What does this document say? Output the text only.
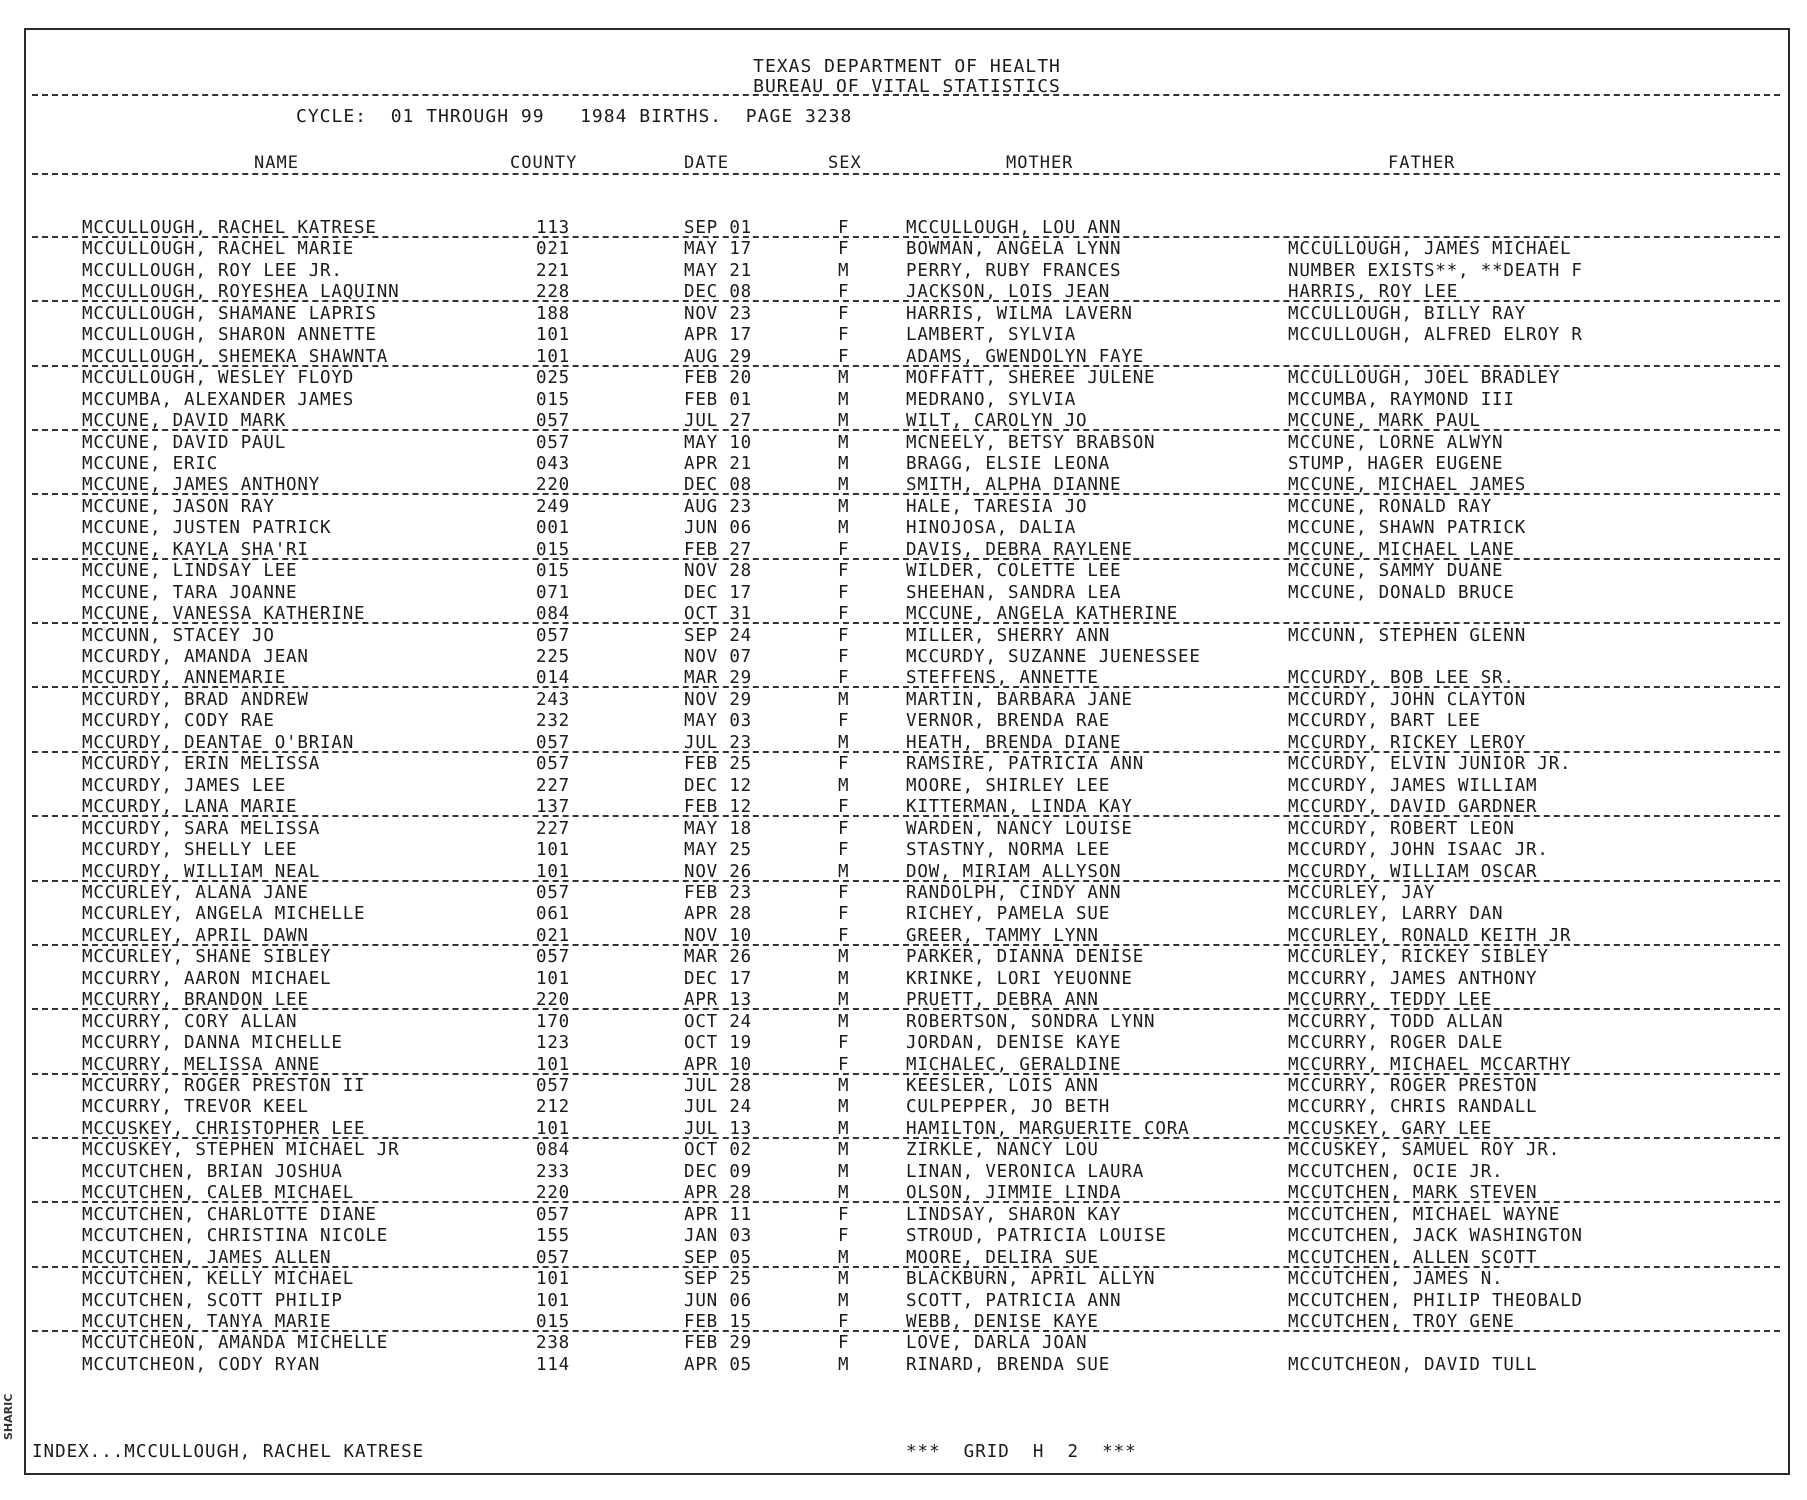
TEXAS DEPARTMENT OF HEALTH
BUREAU OF VITAL STATISTICS
CYCLE:  01 THROUGH 99   1984 BIRTHS.  PAGE 3238
NAME	COUNTY	DATE	SEX	MOTHER	FATHER
MCCULLOUGH, RACHEL KATRESE	113	SEP 01	F	MCCULLOUGH, LOU ANN
MCCULLOUGH, RACHEL MARIE	021	MAY 17	F	BOWMAN, ANGELA LYNN	MCCULLOUGH, JAMES MICHAEL
MCCULLOUGH, ROY LEE JR.	221	MAY 21	M	PERRY, RUBY FRANCES	NUMBER EXISTS**, **DEATH F
MCCULLOUGH, ROYESHEA LAQUINN	228	DEC 08	F	JACKSON, LOIS JEAN	HARRIS, ROY LEE
MCCULLOUGH, SHAMANE LAPRIS	188	NOV 23	F	HARRIS, WILMA LAVERN	MCCULLOUGH, BILLY RAY
MCCULLOUGH, SHARON ANNETTE	101	APR 17	F	LAMBERT, SYLVIA	MCCULLOUGH, ALFRED ELROY R
MCCULLOUGH, SHEMEKA SHAWNTA	101	AUG 29	F	ADAMS, GWENDOLYN FAYE
MCCULLOUGH, WESLEY FLOYD	025	FEB 20	M	MOFFATT, SHEREE JULENE	MCCULLOUGH, JOEL BRADLEY
MCCUMBA, ALEXANDER JAMES	015	FEB 01	M	MEDRANO, SYLVIA	MCCUMBA, RAYMOND III
MCCUNE, DAVID MARK	057	JUL 27	M	WILT, CAROLYN JO	MCCUNE, MARK PAUL
MCCUNE, DAVID PAUL	057	MAY 10	M	MCNEELY, BETSY BRABSON	MCCUNE, LORNE ALWYN
MCCUNE, ERIC	043	APR 21	M	BRAGG, ELSIE LEONA	STUMP, HAGER EUGENE
MCCUNE, JAMES ANTHONY	220	DEC 08	M	SMITH, ALPHA DIANNE	MCCUNE, MICHAEL JAMES
MCCUNE, JASON RAY	249	AUG 23	M	HALE, TARESIA JO	MCCUNE, RONALD RAY
MCCUNE, JUSTEN PATRICK	001	JUN 06	M	HINOJOSA, DALIA	MCCUNE, SHAWN PATRICK
MCCUNE, KAYLA SHA'RI	015	FEB 27	F	DAVIS, DEBRA RAYLENE	MCCUNE, MICHAEL LANE
MCCUNE, LINDSAY LEE	015	NOV 28	F	WILDER, COLETTE LEE	MCCUNE, SAMMY DUANE
MCCUNE, TARA JOANNE	071	DEC 17	F	SHEEHAN, SANDRA LEA	MCCUNE, DONALD BRUCE
MCCUNE, VANESSA KATHERINE	084	OCT 31	F	MCCUNE, ANGELA KATHERINE
MCCUNN, STACEY JO	057	SEP 24	F	MILLER, SHERRY ANN	MCCUNN, STEPHEN GLENN
MCCURDY, AMANDA JEAN	225	NOV 07	F	MCCURDY, SUZANNE JUENESSEE
MCCURDY, ANNEMARIE	014	MAR 29	F	STEFFENS, ANNETTE	MCCURDY, BOB LEE SR.
MCCURDY, BRAD ANDREW	243	NOV 29	M	MARTIN, BARBARA JANE	MCCURDY, JOHN CLAYTON
MCCURDY, CODY RAE	232	MAY 03	F	VERNOR, BRENDA RAE	MCCURDY, BART LEE
MCCURDY, DEANTAE O'BRIAN	057	JUL 23	M	HEATH, BRENDA DIANE	MCCURDY, RICKEY LEROY
MCCURDY, ERIN MELISSA	057	FEB 25	F	RAMSIRE, PATRICIA ANN	MCCURDY, ELVIN JUNIOR JR.
MCCURDY, JAMES LEE	227	DEC 12	M	MOORE, SHIRLEY LEE	MCCURDY, JAMES WILLIAM
MCCURDY, LANA MARIE	137	FEB 12	F	KITTERMAN, LINDA KAY	MCCURDY, DAVID GARDNER
MCCURDY, SARA MELISSA	227	MAY 18	F	WARDEN, NANCY LOUISE	MCCURDY, ROBERT LEON
MCCURDY, SHELLY LEE	101	MAY 25	F	STASTNY, NORMA LEE	MCCURDY, JOHN ISAAC JR.
MCCURDY, WILLIAM NEAL	101	NOV 26	M	DOW, MIRIAM ALLYSON	MCCURDY, WILLIAM OSCAR
MCCURLEY, ALANA JANE	057	FEB 23	F	RANDOLPH, CINDY ANN	MCCURLEY, JAY
MCCURLEY, ANGELA MICHELLE	061	APR 28	F	RICHEY, PAMELA SUE	MCCURLEY, LARRY DAN
MCCURLEY, APRIL DAWN	021	NOV 10	F	GREER, TAMMY LYNN	MCCURLEY, RONALD KEITH JR
MCCURLEY, SHANE SIBLEY	057	MAR 26	M	PARKER, DIANNA DENISE	MCCURLEY, RICKEY SIBLEY
MCCURRY, AARON MICHAEL	101	DEC 17	M	KRINKE, LORI YEUONNE	MCCURRY, JAMES ANTHONY
MCCURRY, BRANDON LEE	220	APR 13	M	PRUETT, DEBRA ANN	MCCURRY, TEDDY LEE
MCCURRY, CORY ALLAN	170	OCT 24	M	ROBERTSON, SONDRA LYNN	MCCURRY, TODD ALLAN
MCCURRY, DANNA MICHELLE	123	OCT 19	F	JORDAN, DENISE KAYE	MCCURRY, ROGER DALE
MCCURRY, MELISSA ANNE	101	APR 10	F	MICHALEC, GERALDINE	MCCURRY, MICHAEL MCCARTHY
MCCURRY, ROGER PRESTON II	057	JUL 28	M	KEESLER, LOIS ANN	MCCURRY, ROGER PRESTON
MCCURRY, TREVOR KEEL	212	JUL 24	M	CULPEPPER, JO BETH	MCCURRY, CHRIS RANDALL
MCCUSKEY, CHRISTOPHER LEE	101	JUL 13	M	HAMILTON, MARGUERITE CORA	MCCUSKEY, GARY LEE
MCCUSKEY, STEPHEN MICHAEL JR	084	OCT 02	M	ZIRKLE, NANCY LOU	MCCUSKEY, SAMUEL ROY JR.
MCCUTCHEN, BRIAN JOSHUA	233	DEC 09	M	LINAN, VERONICA LAURA	MCCUTCHEN, OCIE JR.
MCCUTCHEN, CALEB MICHAEL	220	APR 28	M	OLSON, JIMMIE LINDA	MCCUTCHEN, MARK STEVEN
MCCUTCHEN, CHARLOTTE DIANE	057	APR 11	F	LINDSAY, SHARON KAY	MCCUTCHEN, MICHAEL WAYNE
MCCUTCHEN, CHRISTINA NICOLE	155	JAN 03	F	STROUD, PATRICIA LOUISE	MCCUTCHEN, JACK WASHINGTON
MCCUTCHEN, JAMES ALLEN	057	SEP 05	M	MOORE, DELIRA SUE	MCCUTCHEN, ALLEN SCOTT
MCCUTCHEN, KELLY MICHAEL	101	SEP 25	M	BLACKBURN, APRIL ALLYN	MCCUTCHEN, JAMES N.
MCCUTCHEN, SCOTT PHILIP	101	JUN 06	M	SCOTT, PATRICIA ANN	MCCUTCHEN, PHILIP THEOBALD
MCCUTCHEN, TANYA MARIE	015	FEB 15	F	WEBB, DENISE KAYE	MCCUTCHEN, TROY GENE
MCCUTCHEON, AMANDA MICHELLE	238	FEB 29	F	LOVE, DARLA JOAN
MCCUTCHEON, CODY RYAN	114	APR 05	M	RINARD, BRENDA SUE	MCCUTCHEON, DAVID TULL
INDEX...MCCULLOUGH, RACHEL KATRESE	***  GRID  H  2  ***
SHARIC
